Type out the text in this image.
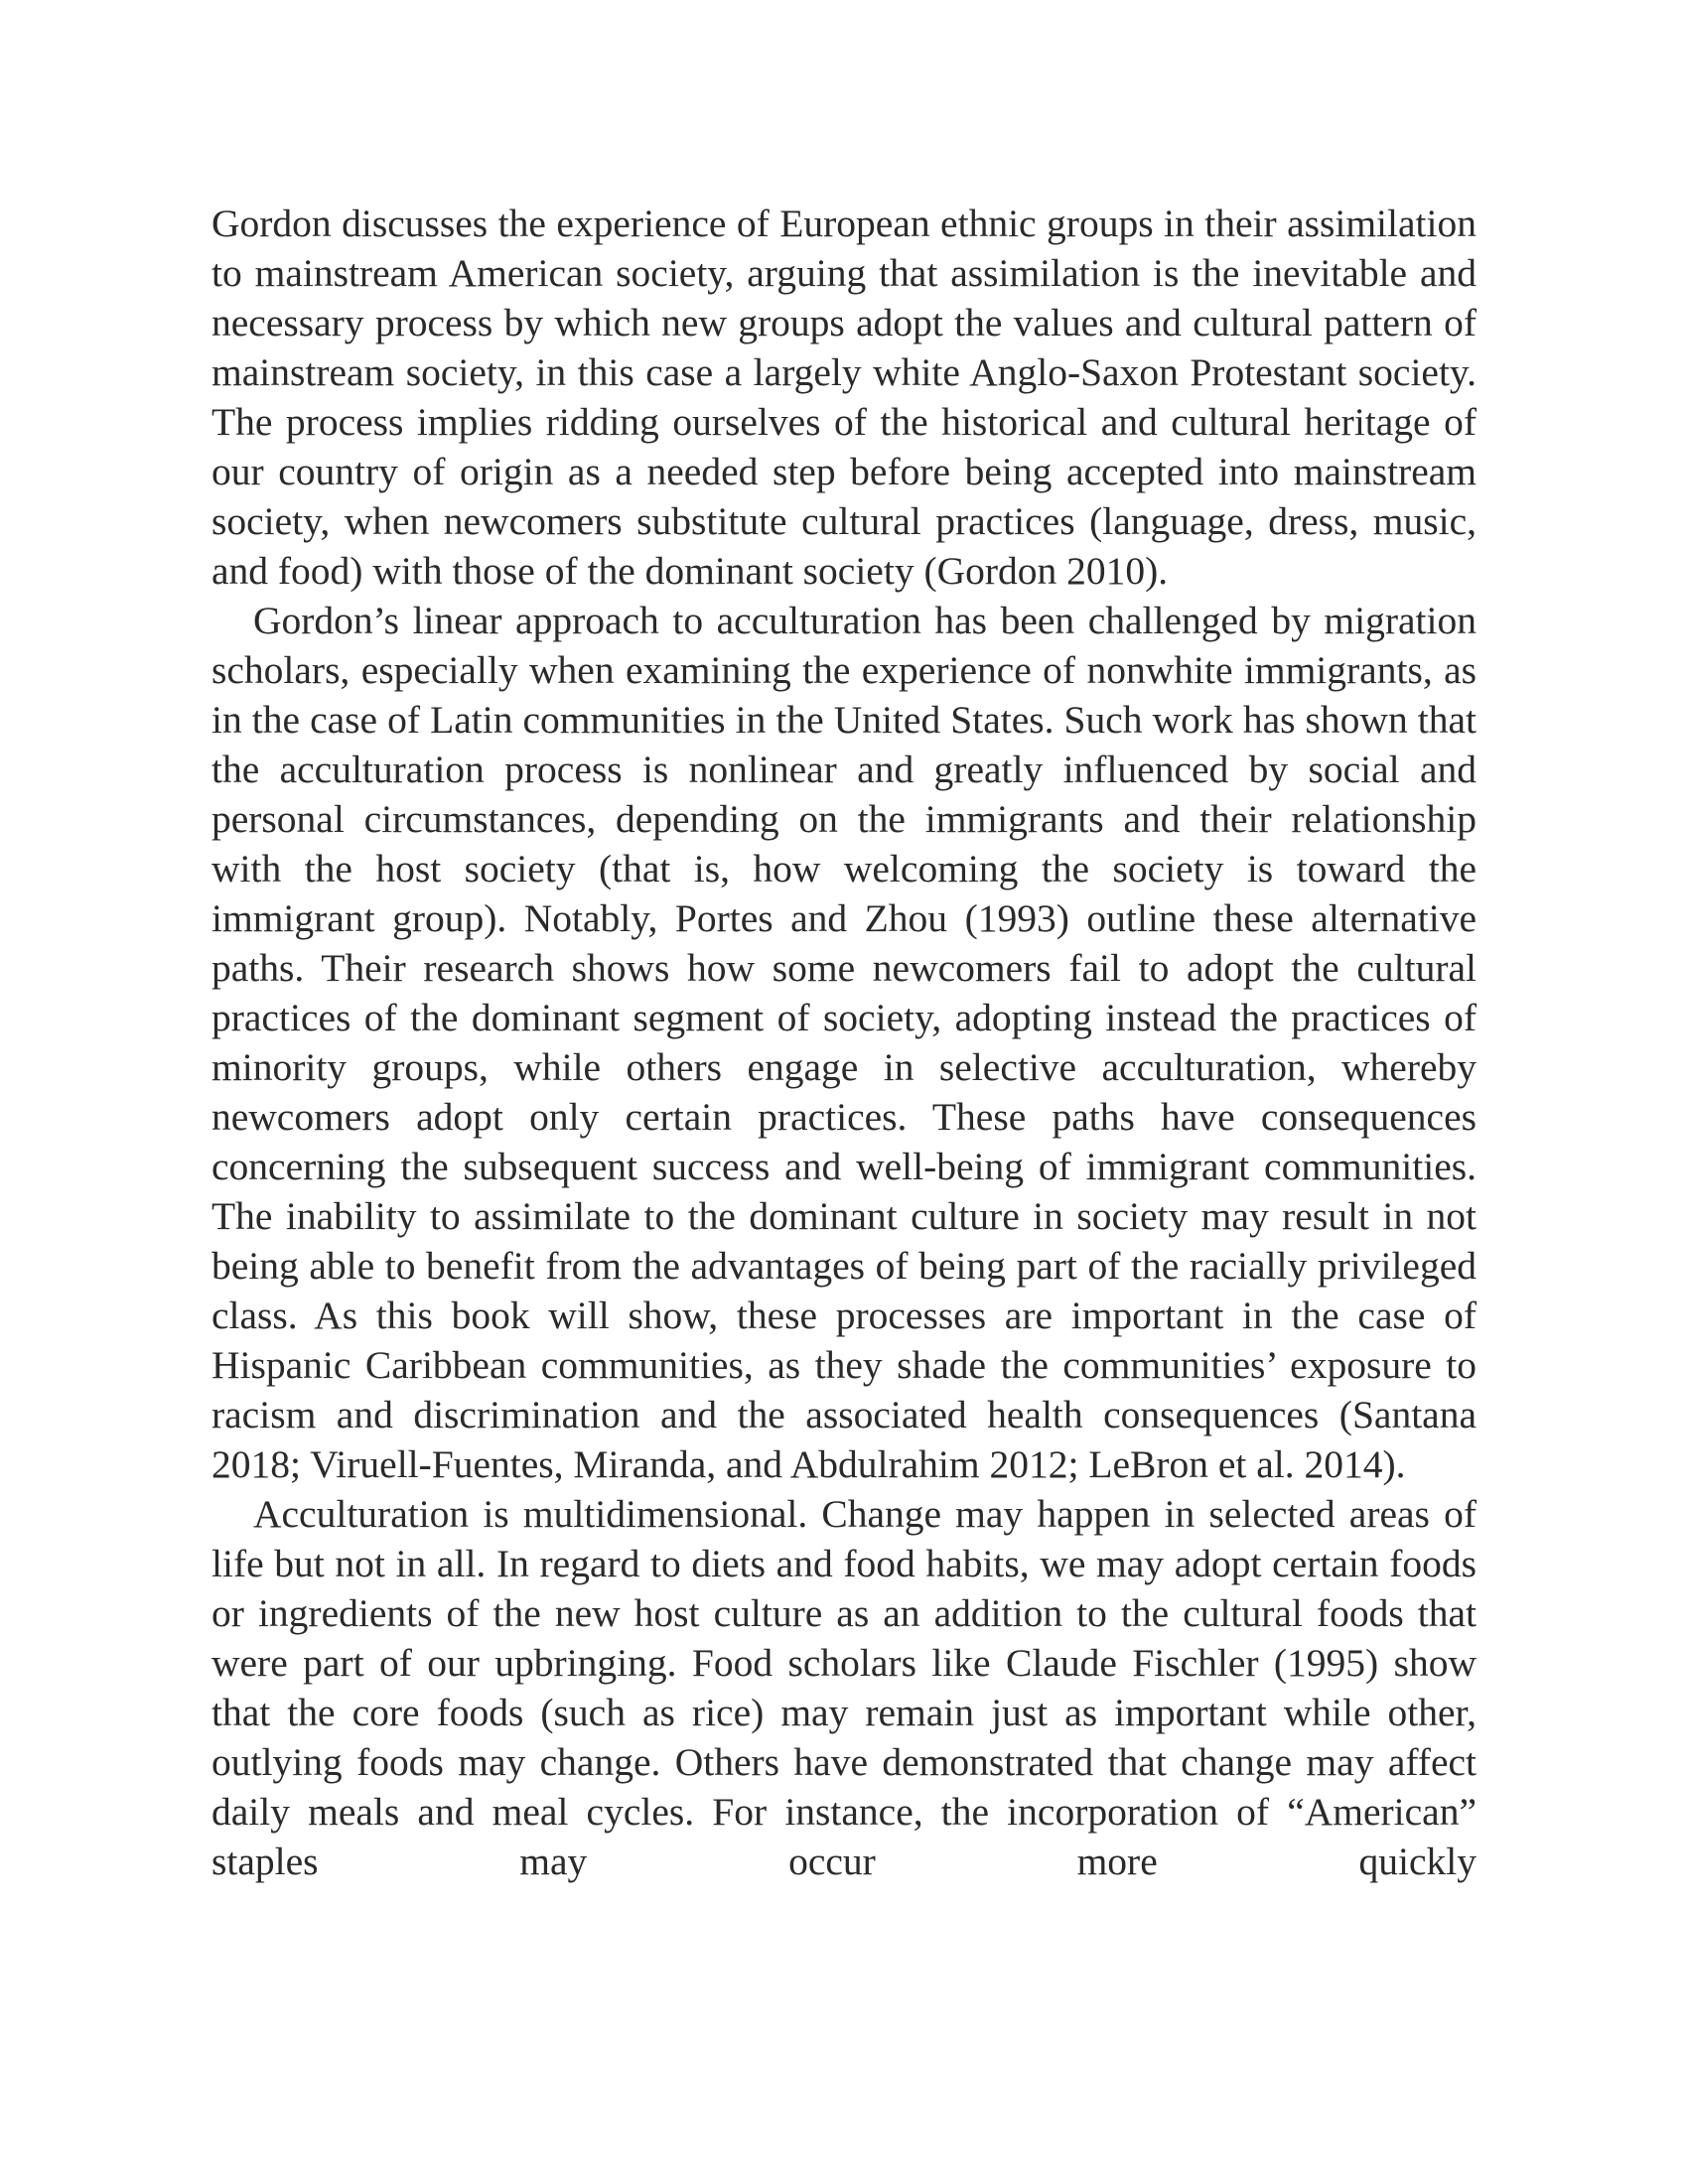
Gordon discusses the experience of European ethnic groups in their assimilation to mainstream American society, arguing that assimilation is the inevitable and necessary process by which new groups adopt the values and cultural pattern of mainstream society, in this case a largely white Anglo-Saxon Protestant society. The process implies ridding ourselves of the historical and cultural heritage of our country of origin as a needed step before being accepted into mainstream society, when newcomers substitute cultural practices (language, dress, music, and food) with those of the dominant society (Gordon 2010).

Gordon’s linear approach to acculturation has been challenged by migration scholars, especially when examining the experience of nonwhite immigrants, as in the case of Latin communities in the United States. Such work has shown that the acculturation process is nonlinear and greatly influenced by social and personal circumstances, depending on the immigrants and their relationship with the host society (that is, how welcoming the society is toward the immigrant group). Notably, Portes and Zhou (1993) outline these alternative paths. Their research shows how some newcomers fail to adopt the cultural practices of the dominant segment of society, adopting instead the practices of minority groups, while others engage in selective acculturation, whereby newcomers adopt only certain practices. These paths have consequences concerning the subsequent success and well-being of immigrant communities. The inability to assimilate to the dominant culture in society may result in not being able to benefit from the advantages of being part of the racially privileged class. As this book will show, these processes are important in the case of Hispanic Caribbean communities, as they shade the communities’ exposure to racism and discrimination and the associated health consequences (Santana 2018; Viruell-Fuentes, Miranda, and Abdulrahim 2012; LeBron et al. 2014).

Acculturation is multidimensional. Change may happen in selected areas of life but not in all. In regard to diets and food habits, we may adopt certain foods or ingredients of the new host culture as an addition to the cultural foods that were part of our upbringing. Food scholars like Claude Fischler (1995) show that the core foods (such as rice) may remain just as important while other, outlying foods may change. Others have demonstrated that change may affect daily meals and meal cycles. For instance, the incorporation of “American” staples may occur more quickly
